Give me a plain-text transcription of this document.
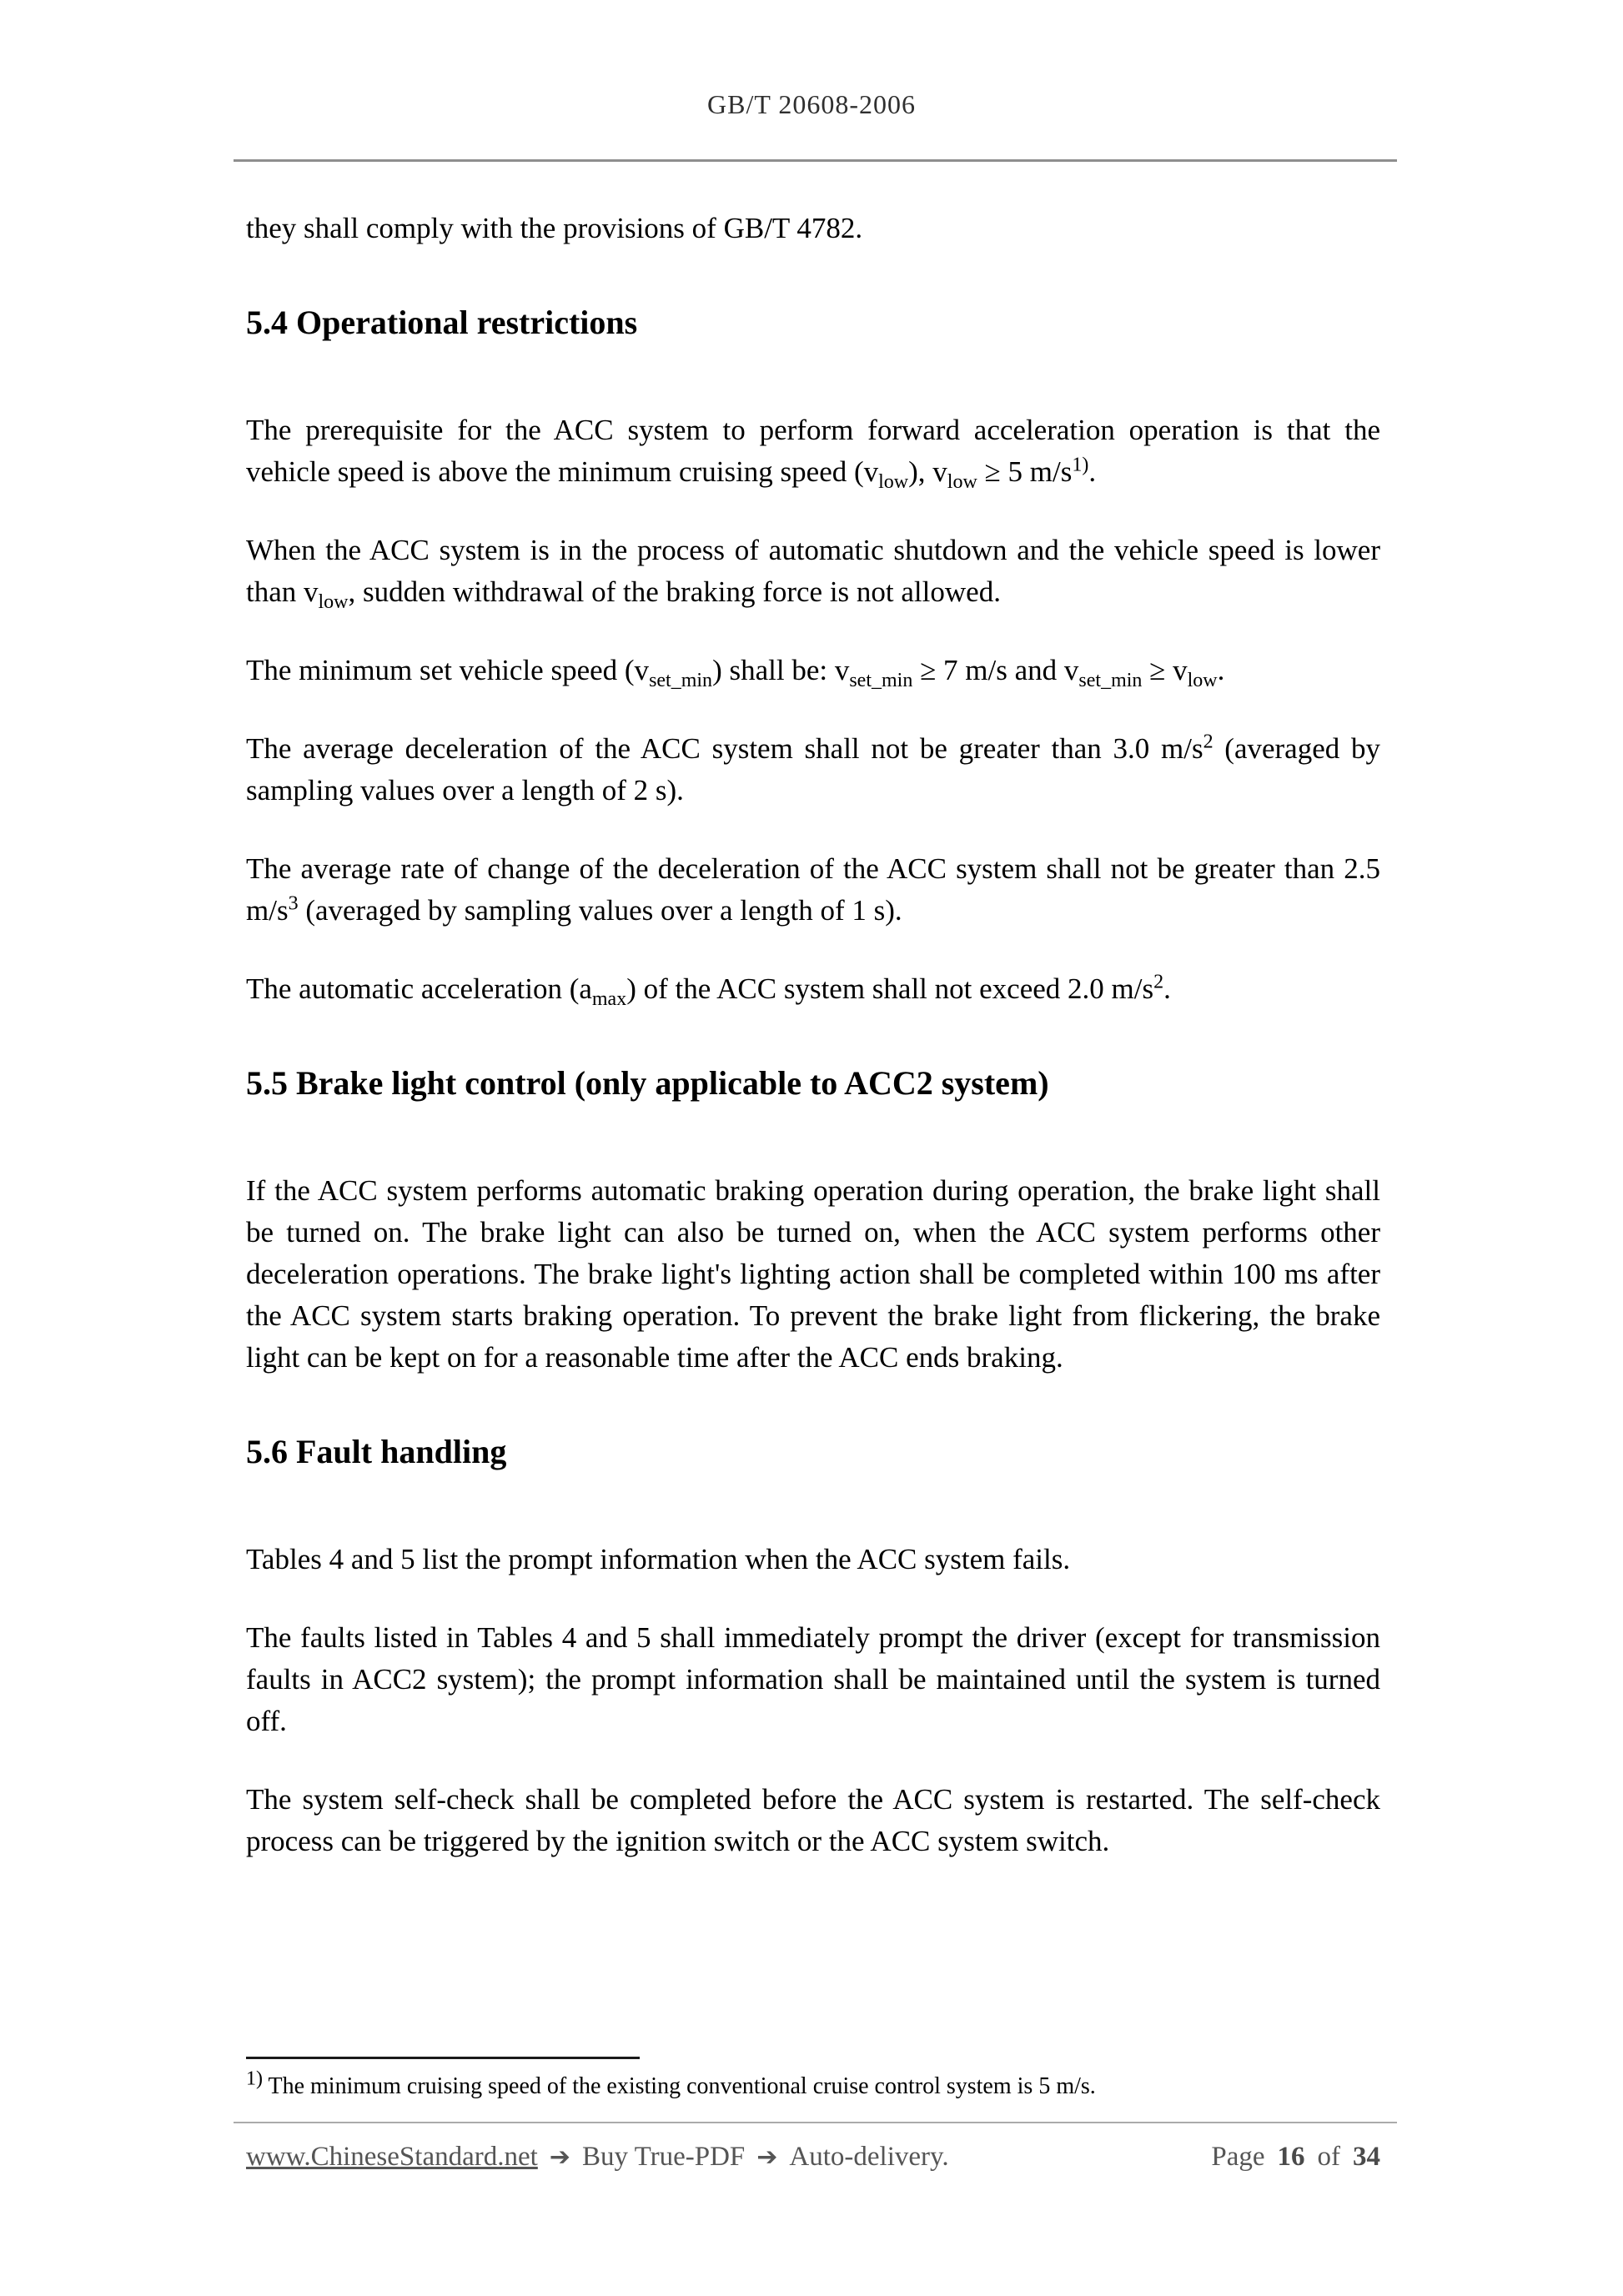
GB/T 20608-2006

they shall comply with the provisions of GB/T 4782.

5.4 Operational restrictions

The prerequisite for the ACC system to perform forward acceleration operation is that the vehicle speed is above the minimum cruising speed $(v_{low})$, $v_{low} \ge 5$ $m/s^{1)}$.

When the ACC system is in the process of automatic shutdown and the vehicle speed is lower than $v_{low}$, sudden withdrawal of the braking force is not allowed.

The minimum set vehicle speed $(v_{set\_min})$ shall be: $v_{set\_min} \ge 7$ m/s and $v_{set\_min} \ge v_{low}$.

The average deceleration of the ACC system shall not be greater than 3.0 $m/s^2$ (averaged by sampling values over a length of 2 s).

The average rate of change of the deceleration of the ACC system shall not be greater than 2.5 $m/s^3$ (averaged by sampling values over a length of 1 s).

The automatic acceleration $(a_{max})$ of the ACC system shall not exceed 2.0 $m/s^2$.

5.5 Brake light control (only applicable to ACC2 system)

If the ACC system performs automatic braking operation during operation, the brake light shall be turned on. The brake light can also be turned on, when the ACC system performs other deceleration operations. The brake light's lighting action shall be completed within 100 ms after the ACC system starts braking operation. To prevent the brake light from flickering, the brake light can be kept on for a reasonable time after the ACC ends braking.

5.6 Fault handling

Tables 4 and 5 list the prompt information when the ACC system fails.

The faults listed in Tables 4 and 5 shall immediately prompt the driver (except for transmission faults in ACC2 system); the prompt information shall be maintained until the system is turned off.

The system self-check shall be completed before the ACC system is restarted. The self-check process can be triggered by the ignition switch or the ACC system switch.

$^{1)}$ The minimum cruising speed of the existing conventional cruise control system is 5 m/s.

www.ChineseStandard.net ➔ Buy True-PDF ➔ Auto-delivery.	Page 16 of 34
